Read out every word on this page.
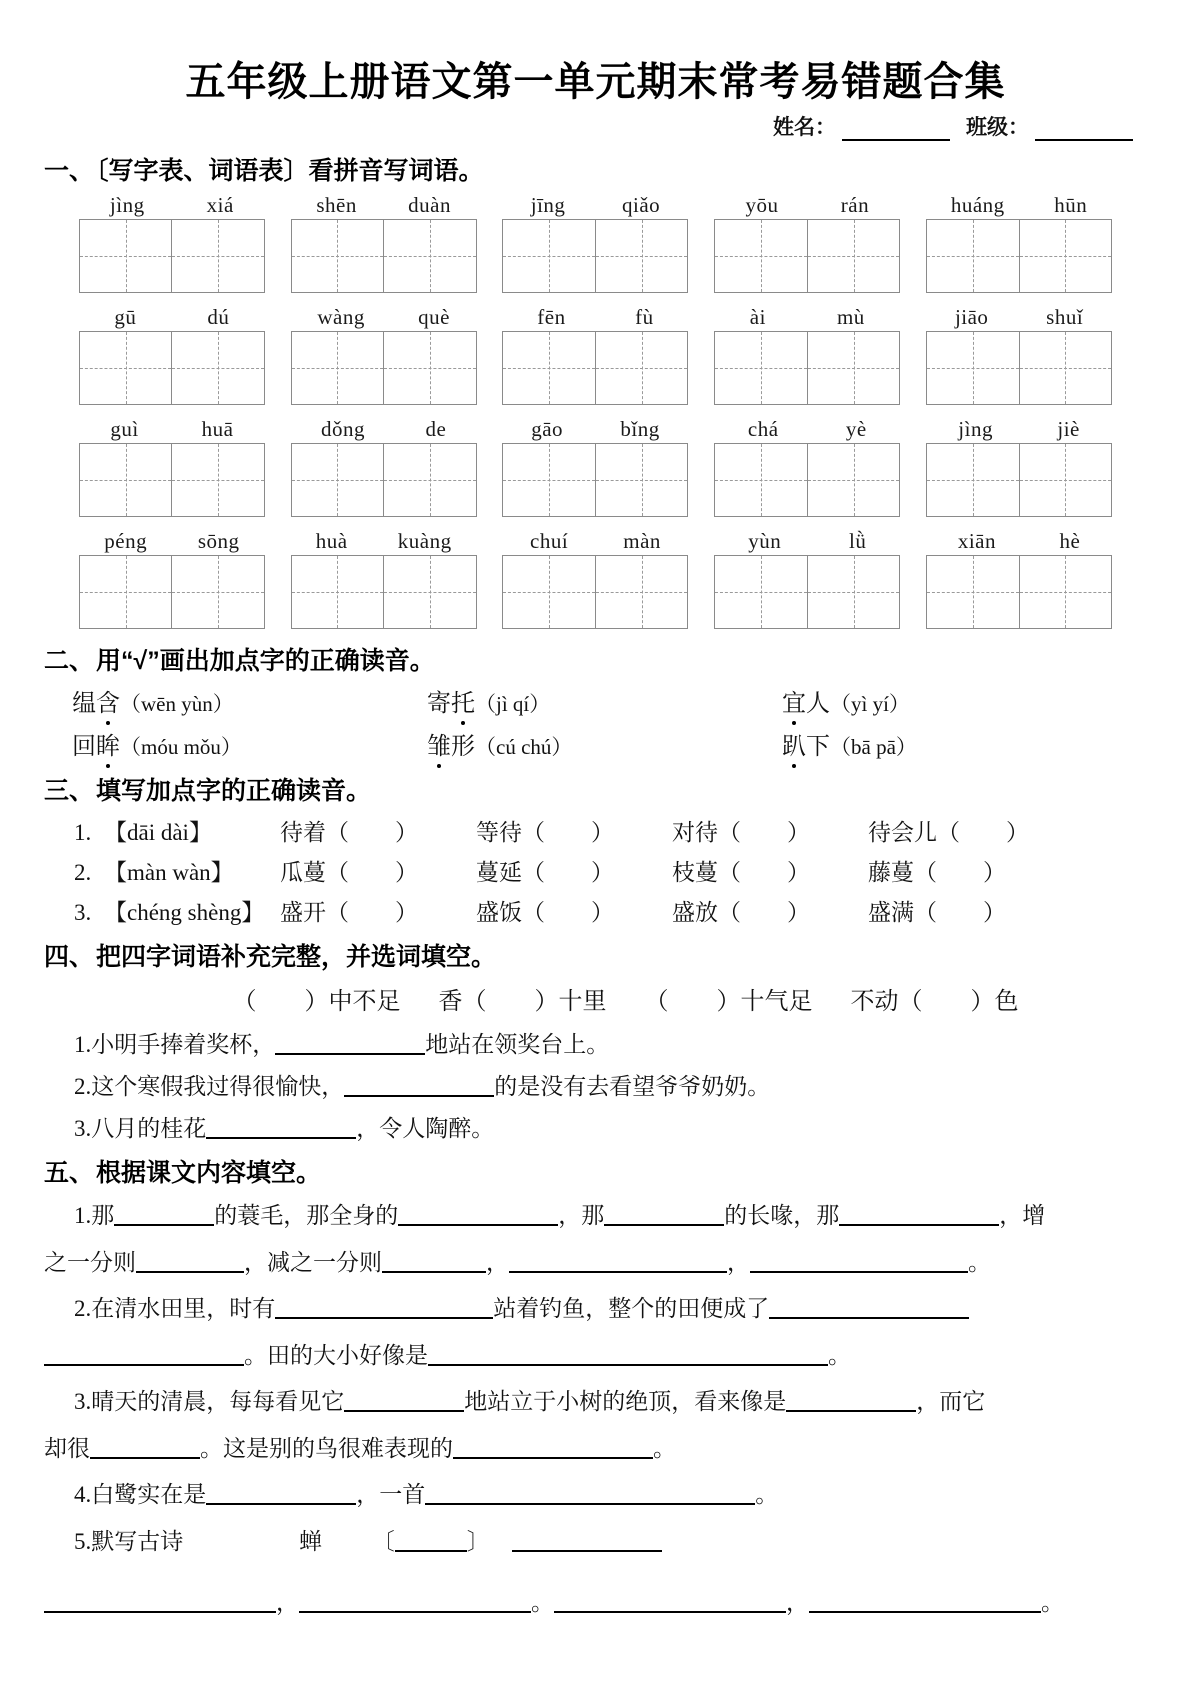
五年级上册语文第一单元期末常考易错题合集
姓名：	班级：
一、〔写字表、词语表〕看拼音写词语。
jìng	xiá	shēn duàn	jīng	qiǎo	yōu	rán	huáng hūn
gū	dú	wàng	què	fēn	fù	ài	mù	jiāo	shuǐ
guì	huā	dǒng	de	gāo	bǐng	chá	yè	jìng	jiè
péng sōng	huà kuàng	chuí	màn	yùn	lǜ	xiān	hè
二、用“√”画出加点字的正确读音。
缊含（wēn yùn）	寄托（jì qí）	宜人（yì yí）
回眸（móu mǒu）	雏形（cú chú）	趴下（bā pā）
三、填写加点字的正确读音。
1. 【dāi dài】	待着（　　）	等待（　　）	对待（　　）	待会儿（　　）
2. 【màn wàn】	瓜蔓（　　）	蔓延（　　）	枝蔓（　　）	藤蔓（　　）
3. 【chéng shèng】 盛开（　　）	盛饭（　　）	盛放（　　）	盛满（　　）
四、把四字词语补充完整，并选词填空。
（　　）中不足 香（　　）十里 （　　）十气足 不动（　　）色
1.小明手捧着奖杯，	地站在领奖台上。
2.这个寒假我过得很愉快，	的是没有去看望爷爷奶奶。
3.八月的桂花	，令人陶醉。
五、根据课文内容填空。
1.那	的蓑毛，那全身的	，那	的长喙，那	，增
之一分则	，减之一分则	，	，	。
2.在清水田里，时有	站着钓鱼，整个的田便成了
。田的大小好像是	。
3.晴天的清晨，每每看见它	地站立于小树的绝顶，看来像是	，而它
却很	。这是别的鸟很难表现的	。
4.白鹭实在是	，一首	。
5.默写古诗	蝉 〔	〕
，	。	，	。
